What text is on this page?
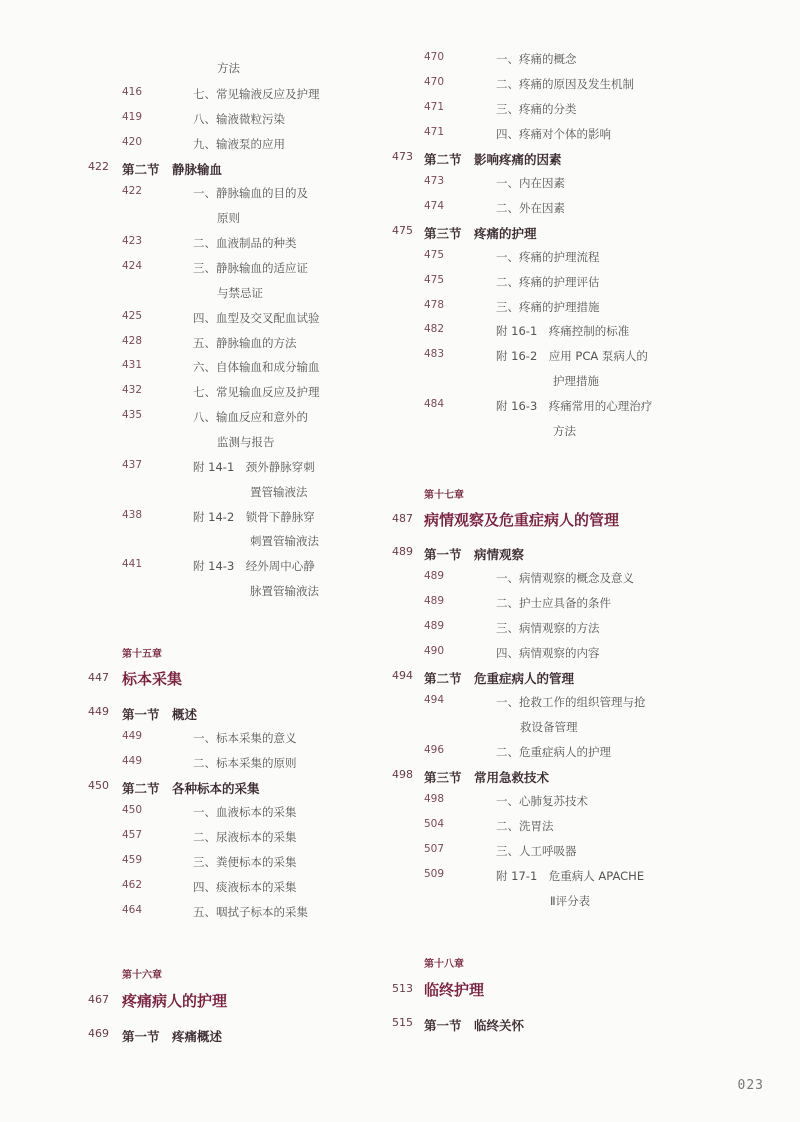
方法
416	七、常见输液反应及护理
419	八、输液微粒污染
420	九、输液泵的应用
422 第二节　静脉输血
422	一、静脉输血的目的及
原则
423	二、血液制品的种类
424	三、静脉输血的适应证
与禁忌证
425	四、血型及交叉配血试验
428	五、静脉输血的方法
431	六、自体输血和成分输血
432	七、常见输血反应及护理
435	八、输血反应和意外的
监测与报告
437	附 14-1　颈外静脉穿刺
置管输液法
438	附 14-2　锁骨下静脉穿
刺置管输液法
441	附 14-3　经外周中心静
脉置管输液法
第十五章
447 标本采集
449 第一节　概述
449	一、标本采集的意义
449	二、标本采集的原则
450 第二节　各种标本的采集
450	一、血液标本的采集
457	二、尿液标本的采集
459	三、粪便标本的采集
462	四、痰液标本的采集
464	五、咽拭子标本的采集
第十六章
467 疼痛病人的护理
469 第一节　疼痛概述
470	一、疼痛的概念
470	二、疼痛的原因及发生机制
471	三、疼痛的分类
471	四、疼痛对个体的影响
473 第二节　影响疼痛的因素
473	一、内在因素
474	二、外在因素
475 第三节　疼痛的护理
475	一、疼痛的护理流程
475	二、疼痛的护理评估
478	三、疼痛的护理措施
482	附 16-1　疼痛控制的标准
483	附 16-2　应用 PCA 泵病人的
护理措施
484	附 16-3　疼痛常用的心理治疗
方法
第十七章
487 病情观察及危重症病人的管理
489 第一节　病情观察
489	一、病情观察的概念及意义
489	二、护士应具备的条件
489	三、病情观察的方法
490	四、病情观察的内容
494 第二节　危重症病人的管理
494	一、抢救工作的组织管理与抢
救设备管理
496	二、危重症病人的护理
498 第三节　常用急救技术
498	一、心肺复苏技术
504	二、洗胃法
507	三、人工呼吸器
509	附 17-1　危重病人 APACHE
Ⅱ评分表
第十八章
513 临终护理
515 第一节　临终关怀
023
